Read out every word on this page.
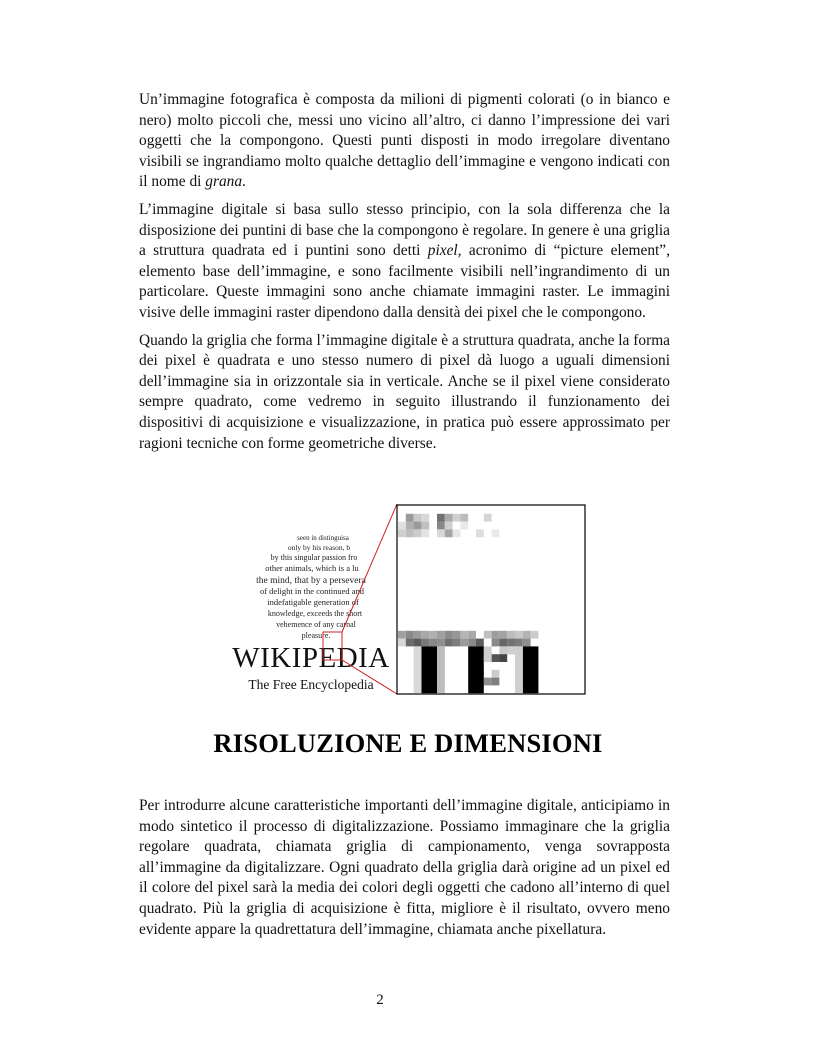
Un’immagine fotografica è composta da milioni di pigmenti colorati (o in bianco e nero) molto piccoli che, messi uno vicino all’altro, ci danno l’impressione dei vari oggetti che la compongono. Questi punti disposti in modo irregolare diventano visibili se ingrandiamo molto qualche dettaglio dell’immagine e vengono indicati con il nome di grana.

L’immagine digitale si basa sullo stesso principio, con la sola differenza che la disposizione dei puntini di base che la compongono è regolare. In genere è una griglia a struttura quadrata ed i puntini sono detti pixel, acronimo di “picture element”, elemento base dell’immagine, e sono facilmente visibili nell’ingrandimento di un particolare. Queste immagini sono anche chiamate immagini raster. Le immagini visive delle immagini raster dipendono dalla densità dei pixel che le compongono.

Quando la griglia che forma l’immagine digitale è a struttura quadrata, anche la forma dei pixel è quadrata e uno stesso numero di pixel dà luogo a uguali dimensioni dell’immagine sia in orizzontale sia in verticale. Anche se il pixel viene considerato sempre quadrato, come vedremo in seguito illustrando il funzionamento dei dispositivi di acquisizione e visualizzazione, in pratica può essere approssimato per ragioni tecniche con forme geometriche diverse.

seen in distinguisa
only by his reason, b
by this singular passion fro
other animals, which is a lu
the mind, that by a persevera
of delight in the continued and
indefatigable generation of
knowledge, exceeds the short
vehemence of any carnal
pleasure.
WIKIPEDIA
The Free Encyclopedia
RISOLUZIONE E DIMENSIONI

Per introdurre alcune caratteristiche importanti dell’immagine digitale, anticipiamo in modo sintetico il processo di digitalizzazione. Possiamo immaginare che la griglia regolare quadrata, chiamata griglia di campionamento, venga sovrapposta all’immagine da digitalizzare. Ogni quadrato della griglia darà origine ad un pixel ed il colore del pixel sarà la media dei colori degli oggetti che cadono all’interno di quel quadrato. Più la griglia di acquisizione è fitta, migliore è il risultato, ovvero meno evidente appare la quadrettatura dell’immagine, chiamata anche pixellatura.

2
